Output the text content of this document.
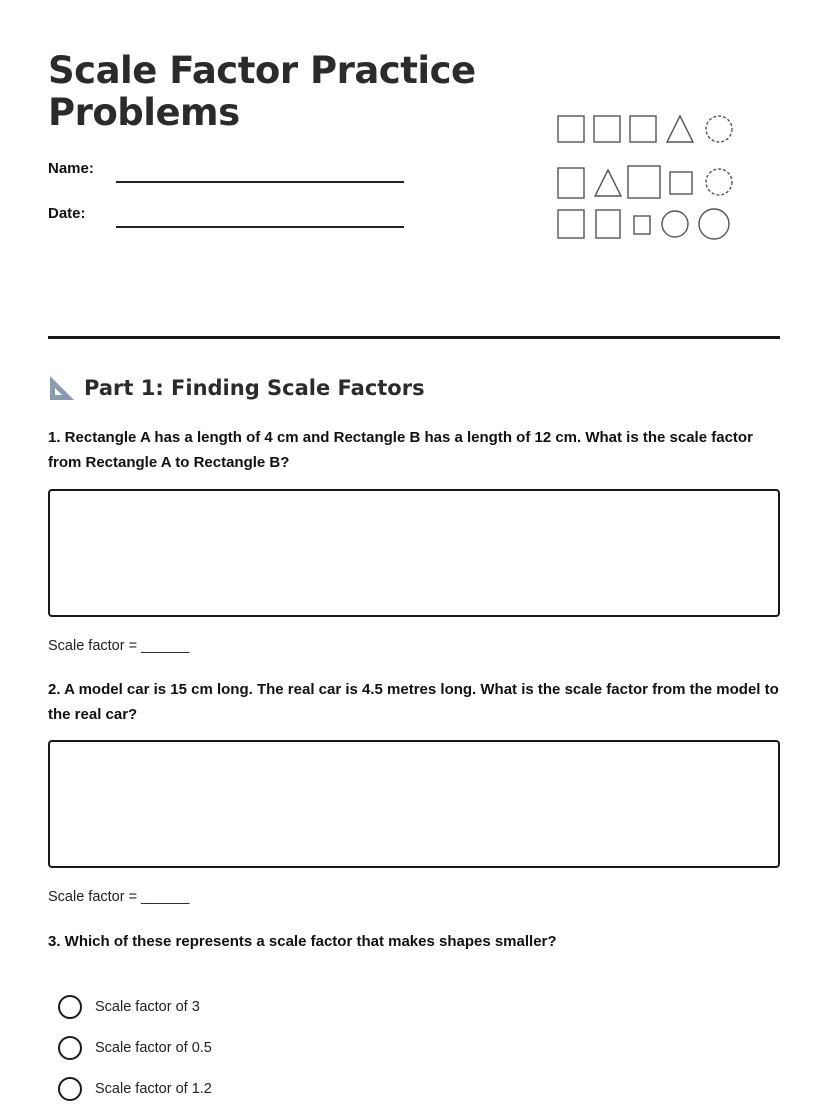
Scale Factor Practice Problems
Name:
Date:
Part 1: Finding Scale Factors

1. Rectangle A has a length of 4 cm and Rectangle B has a length of 12 cm. What is the scale factor from Rectangle A to Rectangle B?

Scale factor = ______

2. A model car is 15 cm long. The real car is 4.5 metres long. What is the scale factor from the model to the real car?

Scale factor = ______

3. Which of these represents a scale factor that makes shapes smaller?

Scale factor of 3
Scale factor of 0.5
Scale factor of 1.2
